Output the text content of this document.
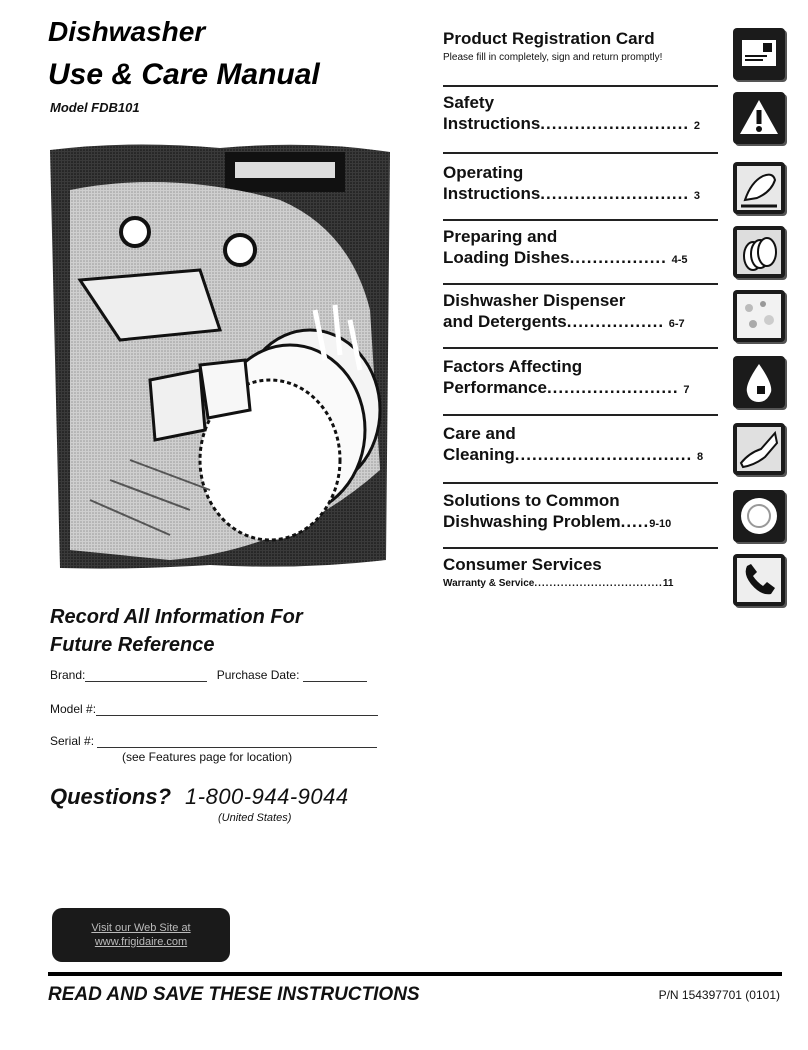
Dishwasher
Use & Care Manual
Model FDB101
Product Registration Card
Please fill in completely, sign and return promptly!
Safety
Instructions.......................... 2
Operating
Instructions.......................... 3
Preparing and
Loading Dishes................. 4-5
Dishwasher Dispenser
and Detergents................. 6-7
Factors Affecting
Performance....................... 7
Care and
Cleaning............................... 8
Solutions to Common
Dishwashing Problem.....9-10
Consumer Services
Warranty & Service..................................11
Record All Information For
Future Reference
Brand:	Purchase Date:
Model #:
Serial #:
(see Features page for location)
Questions? 1-800-944-9044
(United States)
Visit our Web Site at
www.frigidaire.com
READ AND SAVE THESE INSTRUCTIONS	P/N 154397701 (0101)
